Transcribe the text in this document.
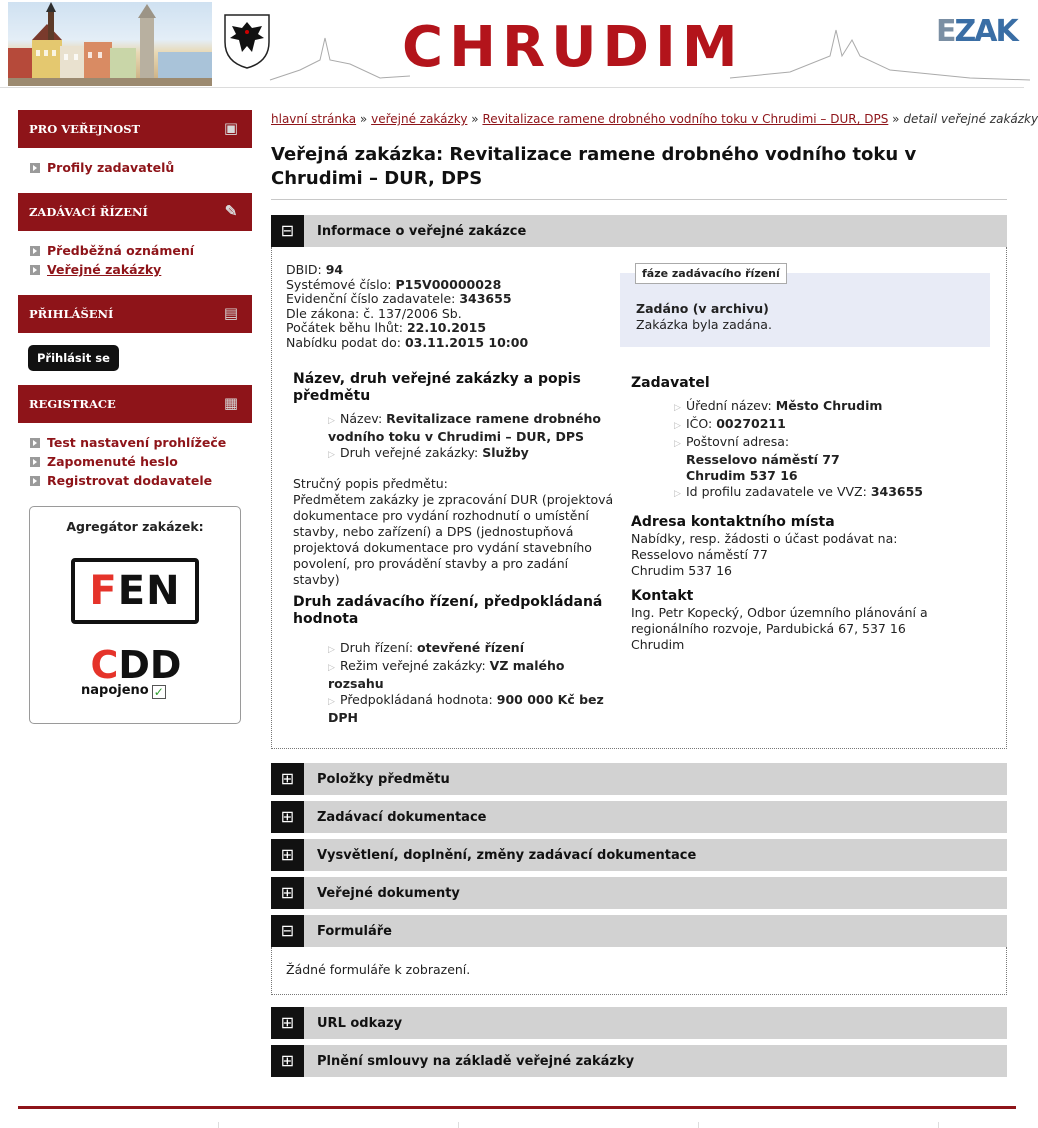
CHRUDIM	EZAK
PRO VEŘEJNOST	▣
Profily zadavatelů
ZADÁVACÍ ŘÍZENÍ	✎
Předběžná oznámení
Veřejné zakázky
PŘIHLÁŠENÍ	▤
Přihlásit se
REGISTRACE	▦
Test nastavení prohlížeče
Zapomenuté heslo
Registrovat dodavatele
Agregátor zakázek:
FEN
CDD
napojeno ✓
hlavní stránka » veřejné zakázky » Revitalizace ramene drobného vodního toku v Chrudimi – DUR, DPS » detail veřejné zakázky
Veřejná zakázka: Revitalizace ramene drobného vodního toku v Chrudimi – DUR, DPS
⊟	Informace o veřejné zakázce
fáze zadávacího řízení
Zadáno (v archivu)
Zakázka byla zadána.
DBID: 94
Systémové číslo: P15V00000028
Evidenční číslo zadavatele: 343655
Dle zákona: č. 137/2006 Sb.
Počátek běhu lhůt: 22.10.2015
Nabídku podat do: 03.11.2015 10:00
Název, druh veřejné zakázky a popis předmětu
▷ Název: Revitalizace ramene drobného vodního toku v Chrudimi – DUR, DPS
▷ Druh veřejné zakázky: Služby
Stručný popis předmětu:
Předmětem zakázky je zpracování DUR (projektová dokumentace pro vydání rozhodnutí o umístění stavby, nebo zařízení) a DPS (jednostupňová projektová dokumentace pro vydání stavebního povolení, pro provádění stavby a pro zadání stavby)
Druh zadávacího řízení, předpokládaná hodnota
▷ Druh řízení: otevřené řízení
▷ Režim veřejné zakázky: VZ malého rozsahu
▷ Předpokládaná hodnota: 900 000 Kč bez DPH
Zadavatel
▷ Úřední název: Město Chrudim
▷ IČO: 00270211
▷ Poštovní adresa:
Resselovo náměstí 77
Chrudim 537 16
▷ Id profilu zadavatele ve VVZ: 343655
Adresa kontaktního místa
Nabídky, resp. žádosti o účast podávat na:
Resselovo náměstí 77
Chrudim 537 16
Kontakt
Ing. Petr Kopecký, Odbor územního plánování a regionálního rozvoje, Pardubická 67, 537 16 Chrudim
⊞	Položky předmětu
⊞	Zadávací dokumentace
⊞	Vysvětlení, doplnění, změny zadávací dokumentace
⊞	Veřejné dokumenty
⊟	Formuláře
Žádné formuláře k zobrazení.
⊞	URL odkazy
⊞	Plnění smlouvy na základě veřejné zakázky
